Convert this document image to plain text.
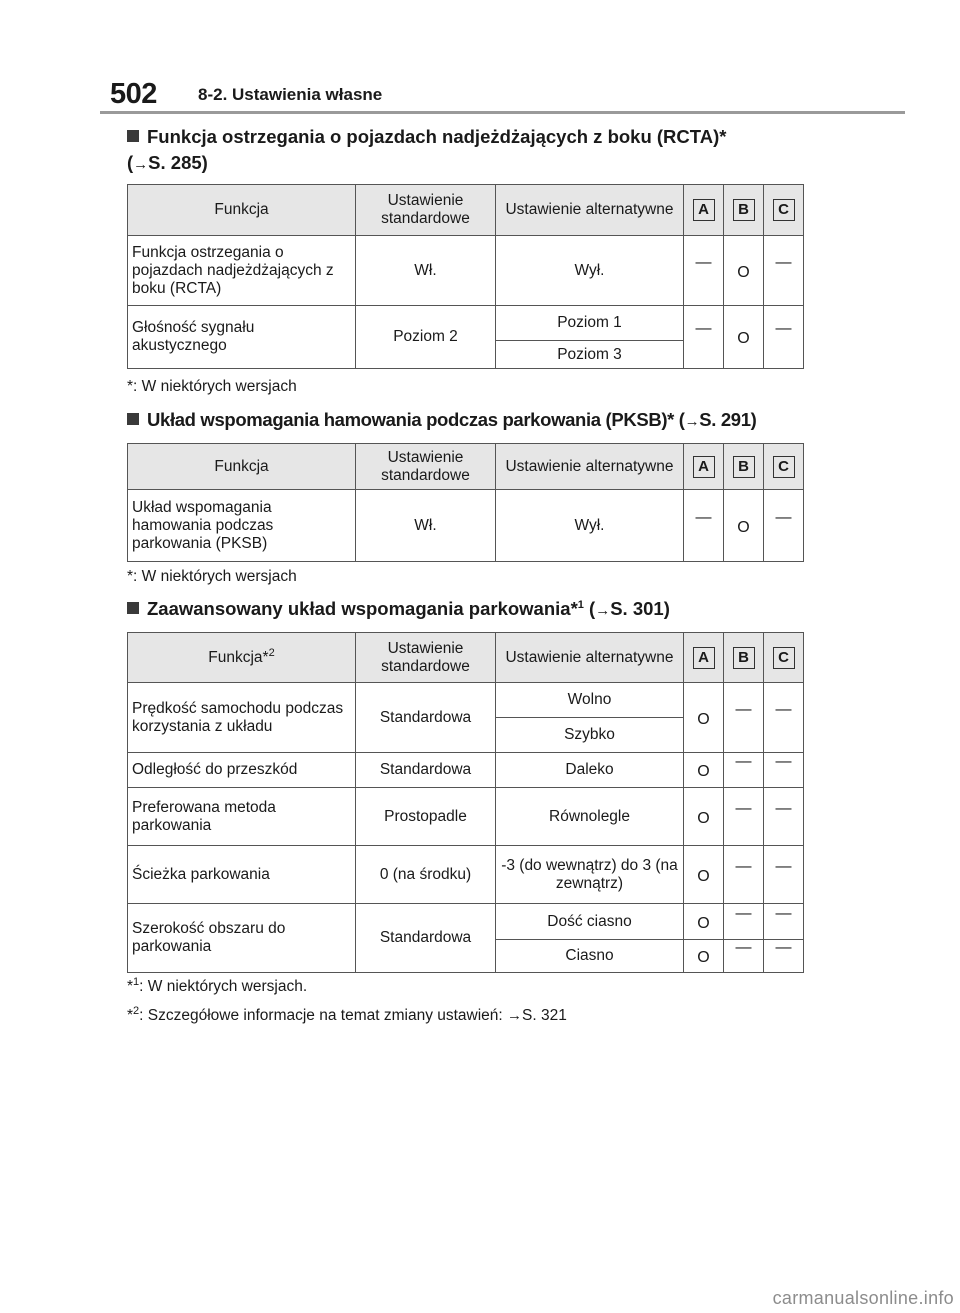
502 8-2. Ustawienia własne
Funkcja ostrzegania o pojazdach nadjeżdżających z boku (RCTA)*
(→S. 285)
Funkcja	Ustawienie standardowe	Ustawienie alternatywne	A	B	C
Funkcja ostrzegania o pojazdach nadjeżdżających z boku (RCTA)	Wł.	Wył.	—	O	—
Głośność sygnału akustycznego	Poziom 2	Poziom 1	—	O	—
		Poziom 3			
*: W niektórych wersjach
Układ wspomagania hamowania podczas parkowania (PKSB)* (→S. 291)
Funkcja	Ustawienie standardowe	Ustawienie alternatywne	A	B	C
Układ wspomagania hamowania podczas parkowania (PKSB)	Wł.	Wył.	—	O	—
*: W niektórych wersjach
Zaawansowany układ wspomagania parkowania*$^1$ (→S. 301)
Funkcja*$^2$	Ustawienie standardowe	Ustawienie alternatywne	A	B	C
Prędkość samochodu podczas korzystania z układu	Standardowa	Wolno	O	—	—
		Szybko			
Odległość do przeszkód	Standardowa	Daleko	O	—	—
Preferowana metoda parkowania	Prostopadle	Równolegle	O	—	—
Ścieżka parkowania	0 (na środku)	-3 (do wewnątrz) do 3 (na zewnątrz)	O	—	—
Szerokość obszaru do parkowania	Standardowa	Dość ciasno	O	—	—
		Ciasno	O	—	—
*$^1$: W niektórych wersjach.
*$^2$: Szczegółowe informacje na temat zmiany ustawień: →S. 321
carmanualsonline.info
